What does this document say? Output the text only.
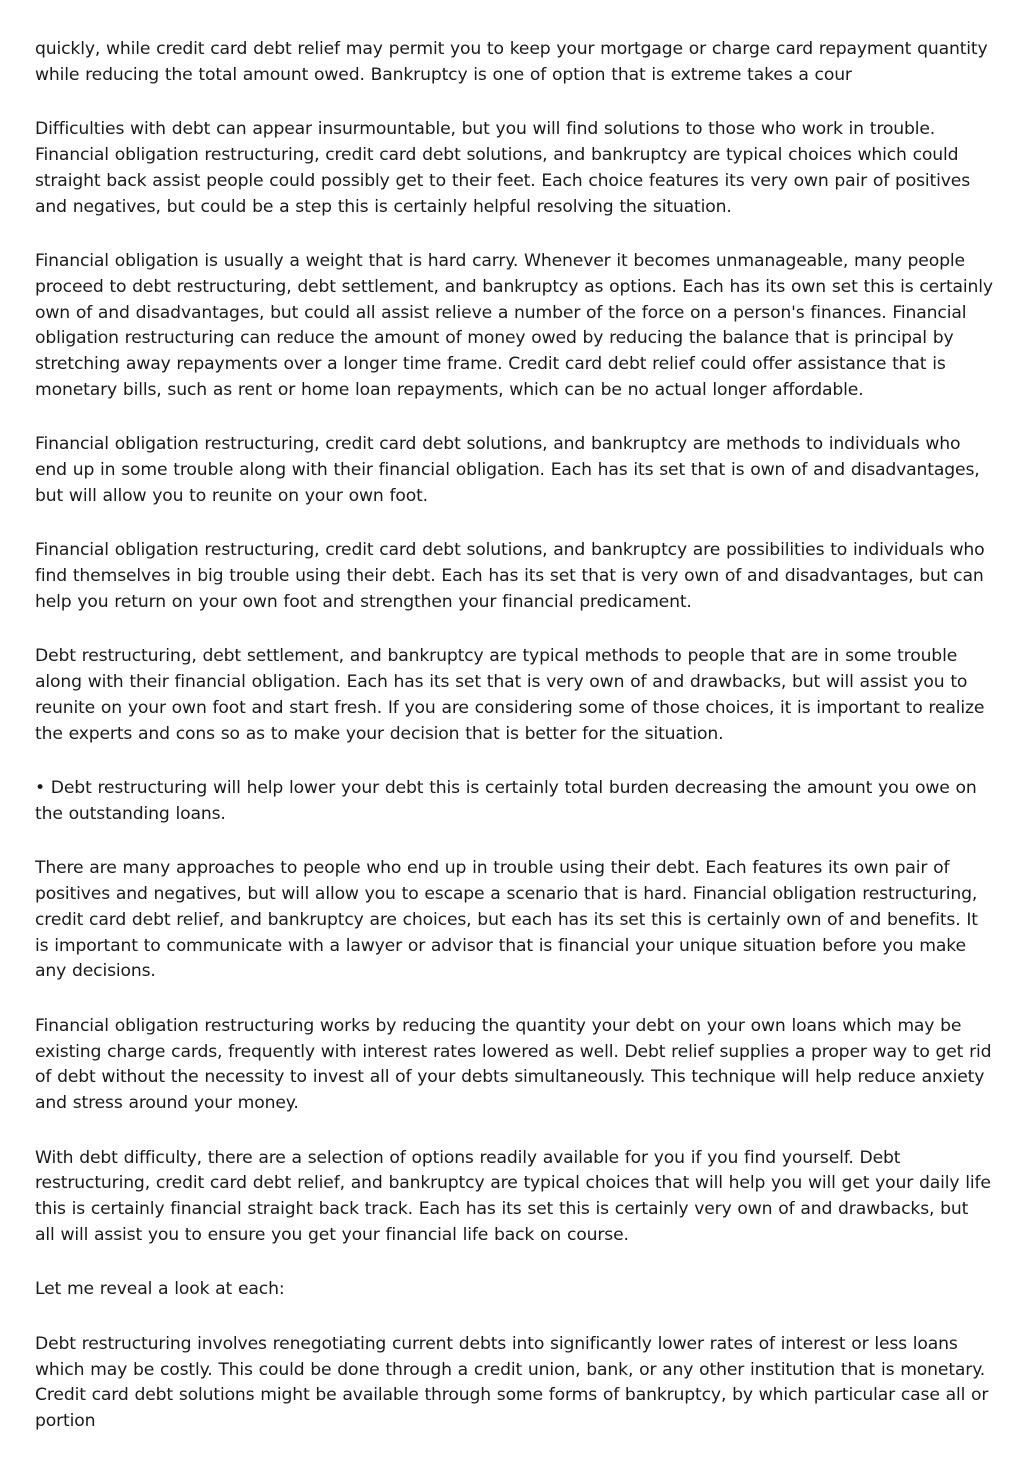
quickly, while credit card debt relief may permit you to keep your mortgage or charge card repayment quantity while reducing the total amount owed. Bankruptcy is one of option that is extreme takes a cour

Difficulties with debt can appear insurmountable, but you will find solutions to those who work in trouble. Financial obligation restructuring, credit card debt solutions, and bankruptcy are typical choices which could straight back assist people could possibly get to their feet. Each choice features its very own pair of positives and negatives, but could be a step this is certainly helpful resolving the situation.

Financial obligation is usually a weight that is hard carry. Whenever it becomes unmanageable, many people proceed to debt restructuring, debt settlement, and bankruptcy as options. Each has its own set this is certainly own of and disadvantages, but could all assist relieve a number of the force on a person's finances. Financial obligation restructuring can reduce the amount of money owed by reducing the balance that is principal by stretching away repayments over a longer time frame. Credit card debt relief could offer assistance that is monetary bills, such as rent or home loan repayments, which can be no actual longer affordable.

Financial obligation restructuring, credit card debt solutions, and bankruptcy are methods to individuals who end up in some trouble along with their financial obligation. Each has its set that is own of and disadvantages, but will allow you to reunite on your own foot.

Financial obligation restructuring, credit card debt solutions, and bankruptcy are possibilities to individuals who find themselves in big trouble using their debt. Each has its set that is very own of and disadvantages, but can help you return on your own foot and strengthen your financial predicament.

Debt restructuring, debt settlement, and bankruptcy are typical methods to people that are in some trouble along with their financial obligation. Each has its set that is very own of and drawbacks, but will assist you to reunite on your own foot and start fresh. If you are considering some of those choices, it is important to realize the experts and cons so as to make your decision that is better for the situation.

• Debt restructuring will help lower your debt this is certainly total burden decreasing the amount you owe on the outstanding loans.

There are many approaches to people who end up in trouble using their debt. Each features its own pair of positives and negatives, but will allow you to escape a scenario that is hard. Financial obligation restructuring, credit card debt relief, and bankruptcy are choices, but each has its set this is certainly own of and benefits. It is important to communicate with a lawyer or advisor that is financial your unique situation before you make any decisions.

Financial obligation restructuring works by reducing the quantity your debt on your own loans which may be existing charge cards, frequently with interest rates lowered as well. Debt relief supplies a proper way to get rid of debt without the necessity to invest all of your debts simultaneously. This technique will help reduce anxiety and stress around your money.

With debt difficulty, there are a selection of options readily available for you if you find yourself. Debt restructuring, credit card debt relief, and bankruptcy are typical choices that will help you will get your daily life this is certainly financial straight back track. Each has its set this is certainly very own of and drawbacks, but all will assist you to ensure you get your financial life back on course.

Let me reveal a look at each:

Debt restructuring involves renegotiating current debts into significantly lower rates of interest or less loans which may be costly. This could be done through a credit union, bank, or any other institution that is monetary. Credit card debt solutions might be available through some forms of bankruptcy, by which particular case all or portion
